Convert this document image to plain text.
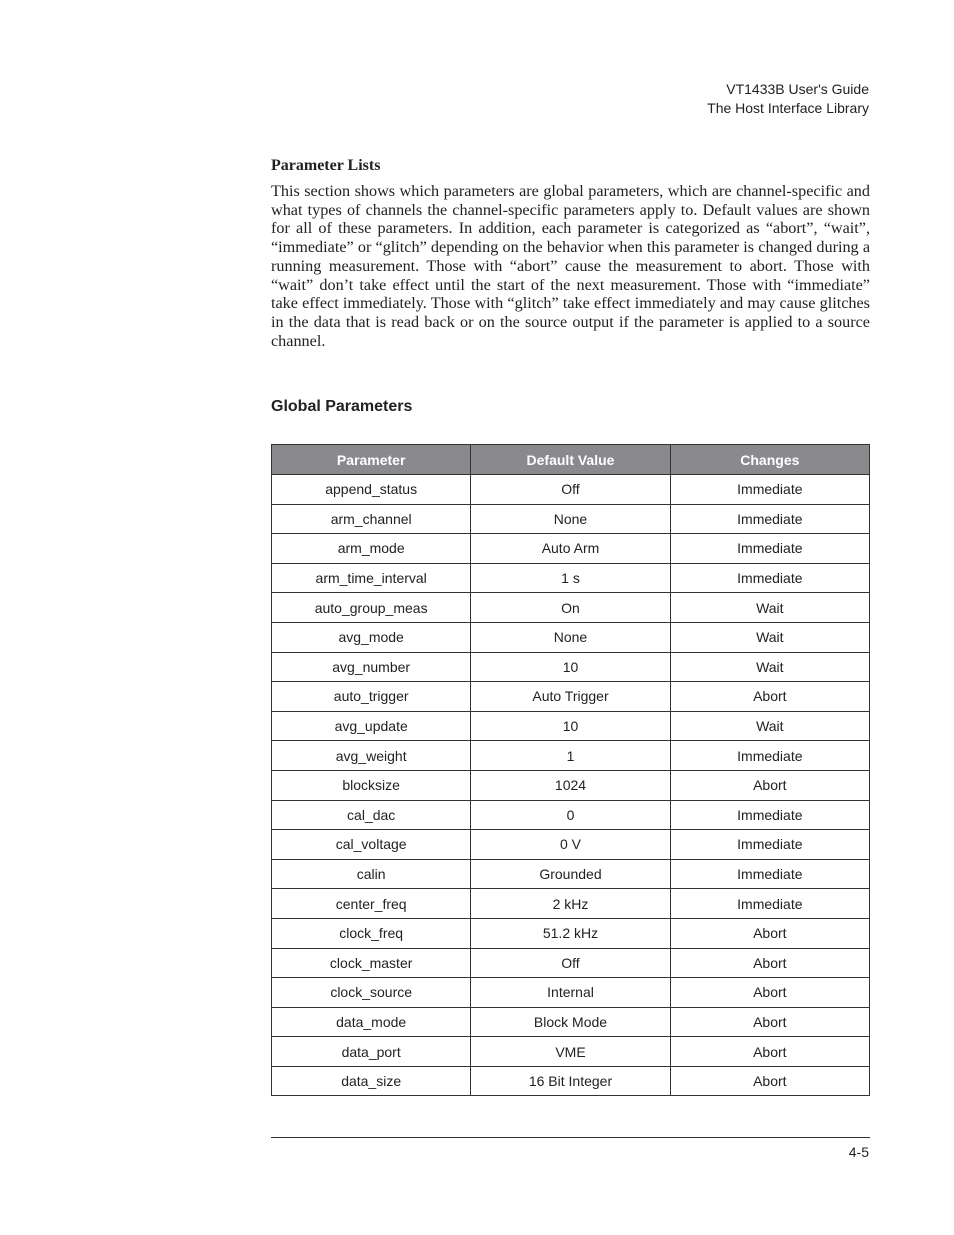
VT1433B User's Guide
The Host Interface Library
Parameter Lists

This section shows which parameters are global parameters, which are channel-specific and what types of channels the channel-specific parameters apply to. Default values are shown for all of these parameters. In addition, each parameter is categorized as “abort”, “wait”, “immediate” or “glitch” depending on the behavior when this parameter is changed during a running measurement. Those with “abort” cause the measurement to abort. Those with “wait” don’t take effect until the start of the next measurement. Those with “immediate” take effect immediately. Those with “glitch” take effect immediately and may cause glitches in the data that is read back or on the source output if the parameter is applied to a source channel.

Global Parameters
Parameter	Default Value	Changes
append_status	Off	Immediate
arm_channel	None	Immediate
arm_mode	Auto Arm	Immediate
arm_time_interval	1 s	Immediate
auto_group_meas	On	Wait
avg_mode	None	Wait
avg_number	10	Wait
auto_trigger	Auto Trigger	Abort
avg_update	10	Wait
avg_weight	1	Immediate
blocksize	1024	Abort
cal_dac	0	Immediate
cal_voltage	0 V	Immediate
calin	Grounded	Immediate
center_freq	2 kHz	Immediate
clock_freq	51.2 kHz	Abort
clock_master	Off	Abort
clock_source	Internal	Abort
data_mode	Block Mode	Abort
data_port	VME	Abort
data_size	16 Bit Integer	Abort
4-5
